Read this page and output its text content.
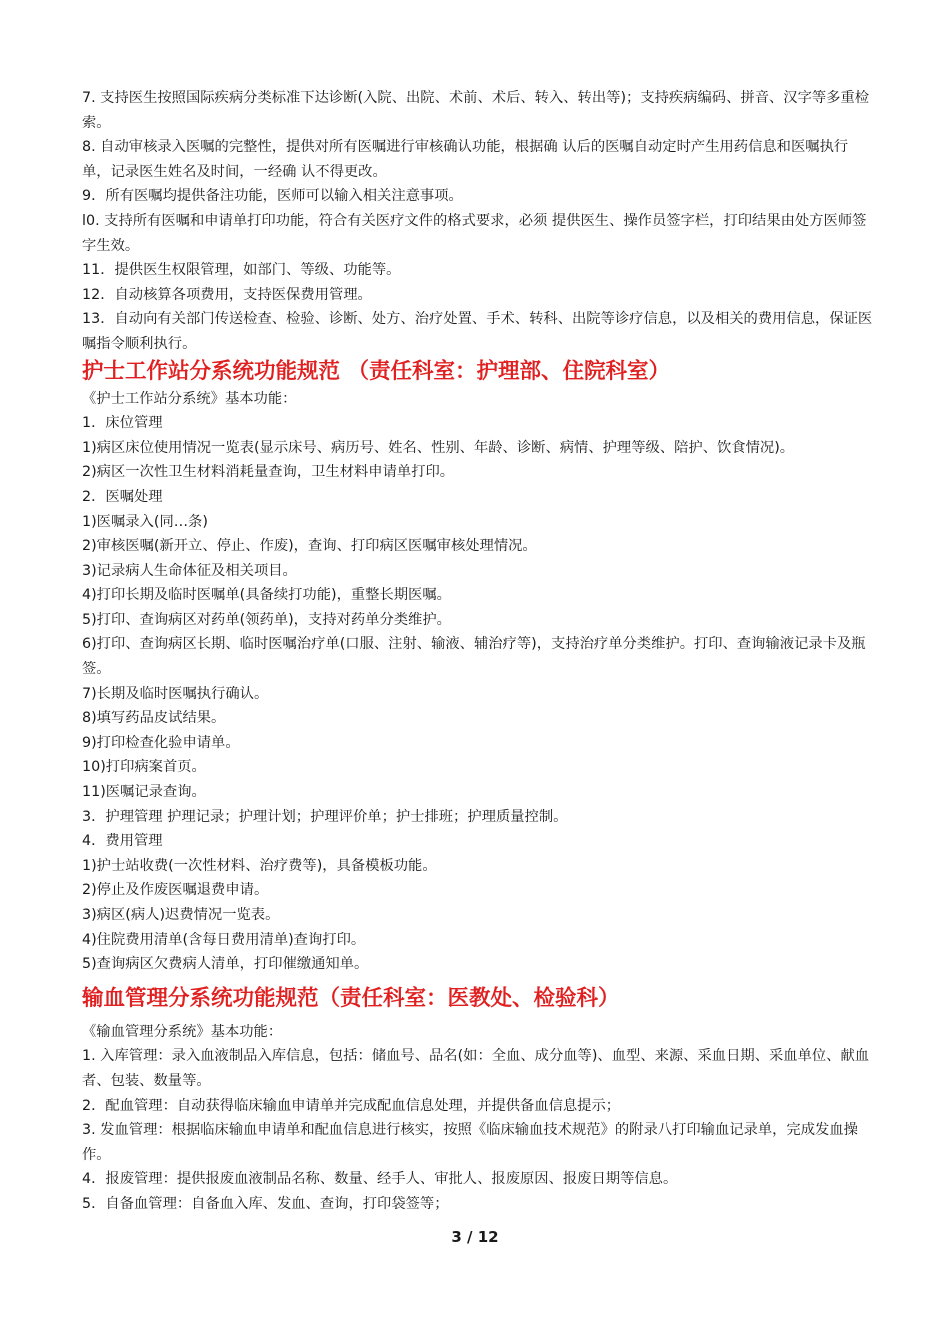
7. 支持医生按照国际疾病分类标准下达诊断(入院、出院、术前、术后、转入、转出等)；支持疾病编码、拼音、汉字等多重检索。

8. 自动审核录入医嘱的完整性，提供对所有医嘱进行审核确认功能，根据确 认后的医嘱自动定时产生用药信息和医嘱执行单，记录医生姓名及时间，一经确 认不得更改。

9．所有医嘱均提供备注功能，医师可以输入相关注意事项。

l0. 支持所有医嘱和申请单打印功能，符合有关医疗文件的格式要求，必须 提供医生、操作员签字栏，打印结果由处方医师签字生效。

11．提供医生权限管理，如部门、等级、功能等。

12．自动核算各项费用，支持医保费用管理。

13．自动向有关部门传送检查、检验、诊断、处方、治疗处置、手术、转科、出院等诊疗信息，以及相关的费用信息，保证医嘱指令顺利执行。

护士工作站分系统功能规范 （责任科室：护理部、住院科室）

《护士工作站分系统》基本功能：

1．床位管理

1)病区床位使用情况一览表(显示床号、病历号、姓名、性别、年龄、诊断、病情、护理等级、陪护、饮食情况)。

2)病区一次性卫生材料消耗量查询，卫生材料申请单打印。

2．医嘱处理

1)医嘱录入(同…条)

2)审核医嘱(新开立、停止、作废)，查询、打印病区医嘱审核处理情况。

3)记录病人生命体征及相关项目。

4)打印长期及临时医嘱单(具备续打功能)，重整长期医嘱。

5)打印、查询病区对药单(领药单)，支持对药单分类维护。

6)打印、查询病区长期、临时医嘱治疗单(口服、注射、输液、辅治疗等)，支持治疗单分类维护。打印、查询输液记录卡及瓶签。

7)长期及临时医嘱执行确认。

8)填写药品皮试结果。

9)打印检查化验申请单。

10)打印病案首页。

11)医嘱记录查询。

3．护理管理 护理记录；护理计划；护理评价单；护士排班；护理质量控制。

4．费用管理

1)护士站收费(一次性材料、治疗费等)，具备模板功能。

2)停止及作废医嘱退费申请。

3)病区(病人)迟费情况一览表。

4)住院费用清单(含每日费用清单)查询打印。

5)查询病区欠费病人清单，打印催缴通知单。

输血管理分系统功能规范（责任科室：医教处、检验科）

《输血管理分系统》基本功能：

1. 入库管理：录入血液制品入库信息，包括：储血号、品名(如：全血、成分血等)、血型、来源、采血日期、采血单位、献血者、包装、数量等。

2．配血管理：自动获得临床输血申请单并完成配血信息处理，并提供备血信息提示；

3. 发血管理：根据临床输血申请单和配血信息进行核实，按照《临床输血技术规范》的附录八打印输血记录单，完成发血操作。

4．报废管理：提供报废血液制品名称、数量、经手人、审批人、报废原因、报废日期等信息。

5．自备血管理：自备血入库、发血、查询，打印袋签等；

3 / 12
